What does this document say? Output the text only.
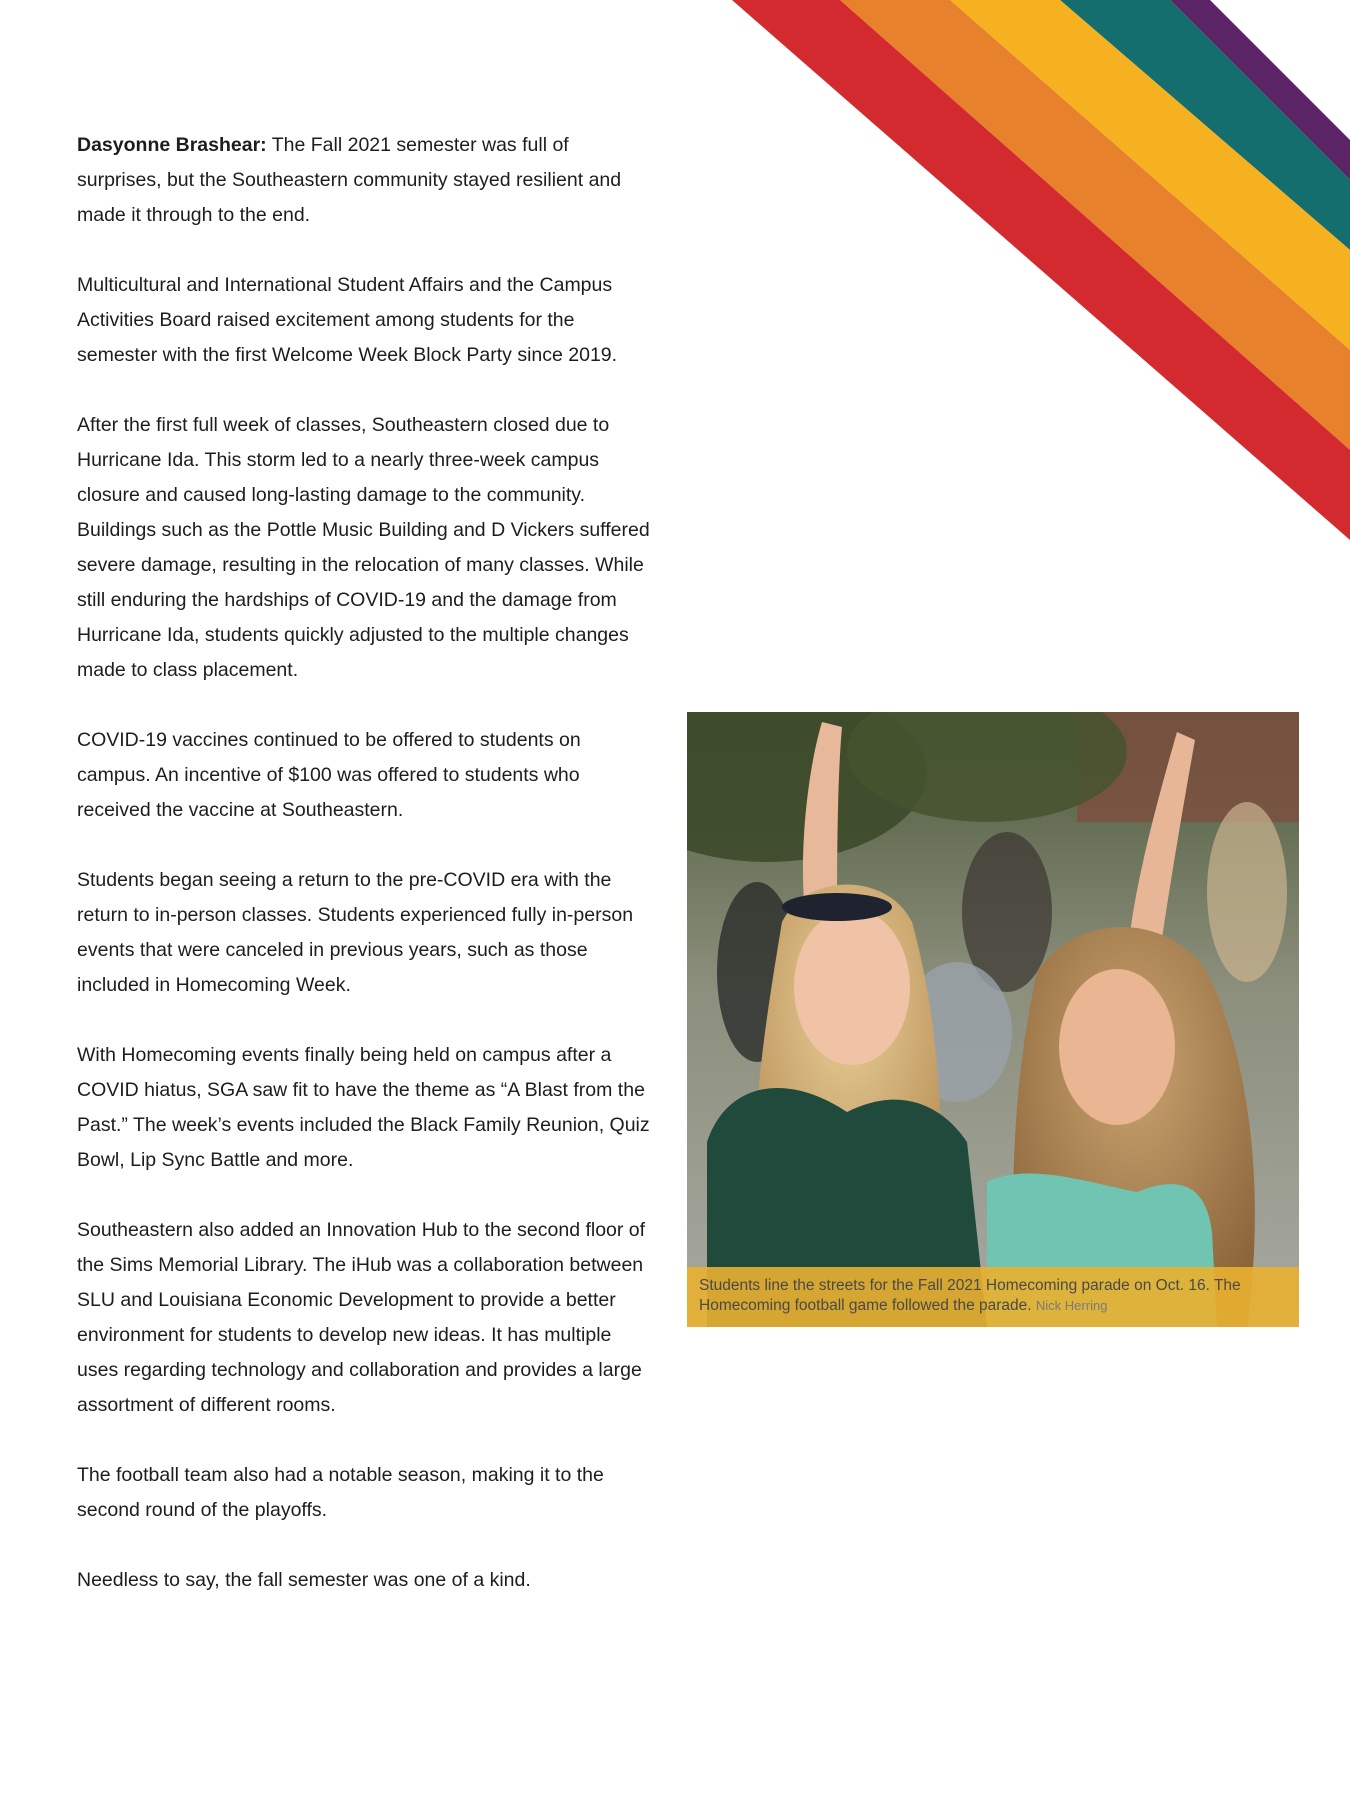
Dasyonne Brashear: The Fall 2021 semester was full of surprises, but the Southeastern community stayed resilient and made it through to the end.

Multicultural and International Student Affairs and the Campus Activities Board raised excitement among students for the semester with the first Welcome Week Block Party since 2019.

After the first full week of classes, Southeastern closed due to Hurricane Ida. This storm led to a nearly three-week campus closure and caused long-lasting damage to the community. Buildings such as the Pottle Music Building and D Vickers suffered severe damage, resulting in the relocation of many classes. While still enduring the hardships of COVID-19 and the damage from Hurricane Ida, students quickly adjusted to the multiple changes made to class placement.

COVID-19 vaccines continued to be offered to students on campus. An incentive of $100 was offered to students who received the vaccine at Southeastern.

Students began seeing a return to the pre-COVID era with the return to in-person classes. Students experienced fully in-person events that were canceled in previous years, such as those included in Homecoming Week.

With Homecoming events finally being held on campus after a COVID hiatus, SGA saw fit to have the theme as “A Blast from the Past.” The week’s events included the Black Family Reunion, Quiz Bowl, Lip Sync Battle and more.

Southeastern also added an Innovation Hub to the second floor of the Sims Memorial Library. The iHub was a collaboration between SLU and Louisiana Economic Development to provide a better environment for students to develop new ideas. It has multiple uses regarding technology and collaboration and provides a large assortment of different rooms.

The football team also had a notable season, making it to the second round of the playoffs.

Needless to say, the fall semester was one of a kind.

Students line the streets for the Fall 2021 Homecoming parade on Oct. 16. The Homecoming football game followed the parade. Nick Herring
